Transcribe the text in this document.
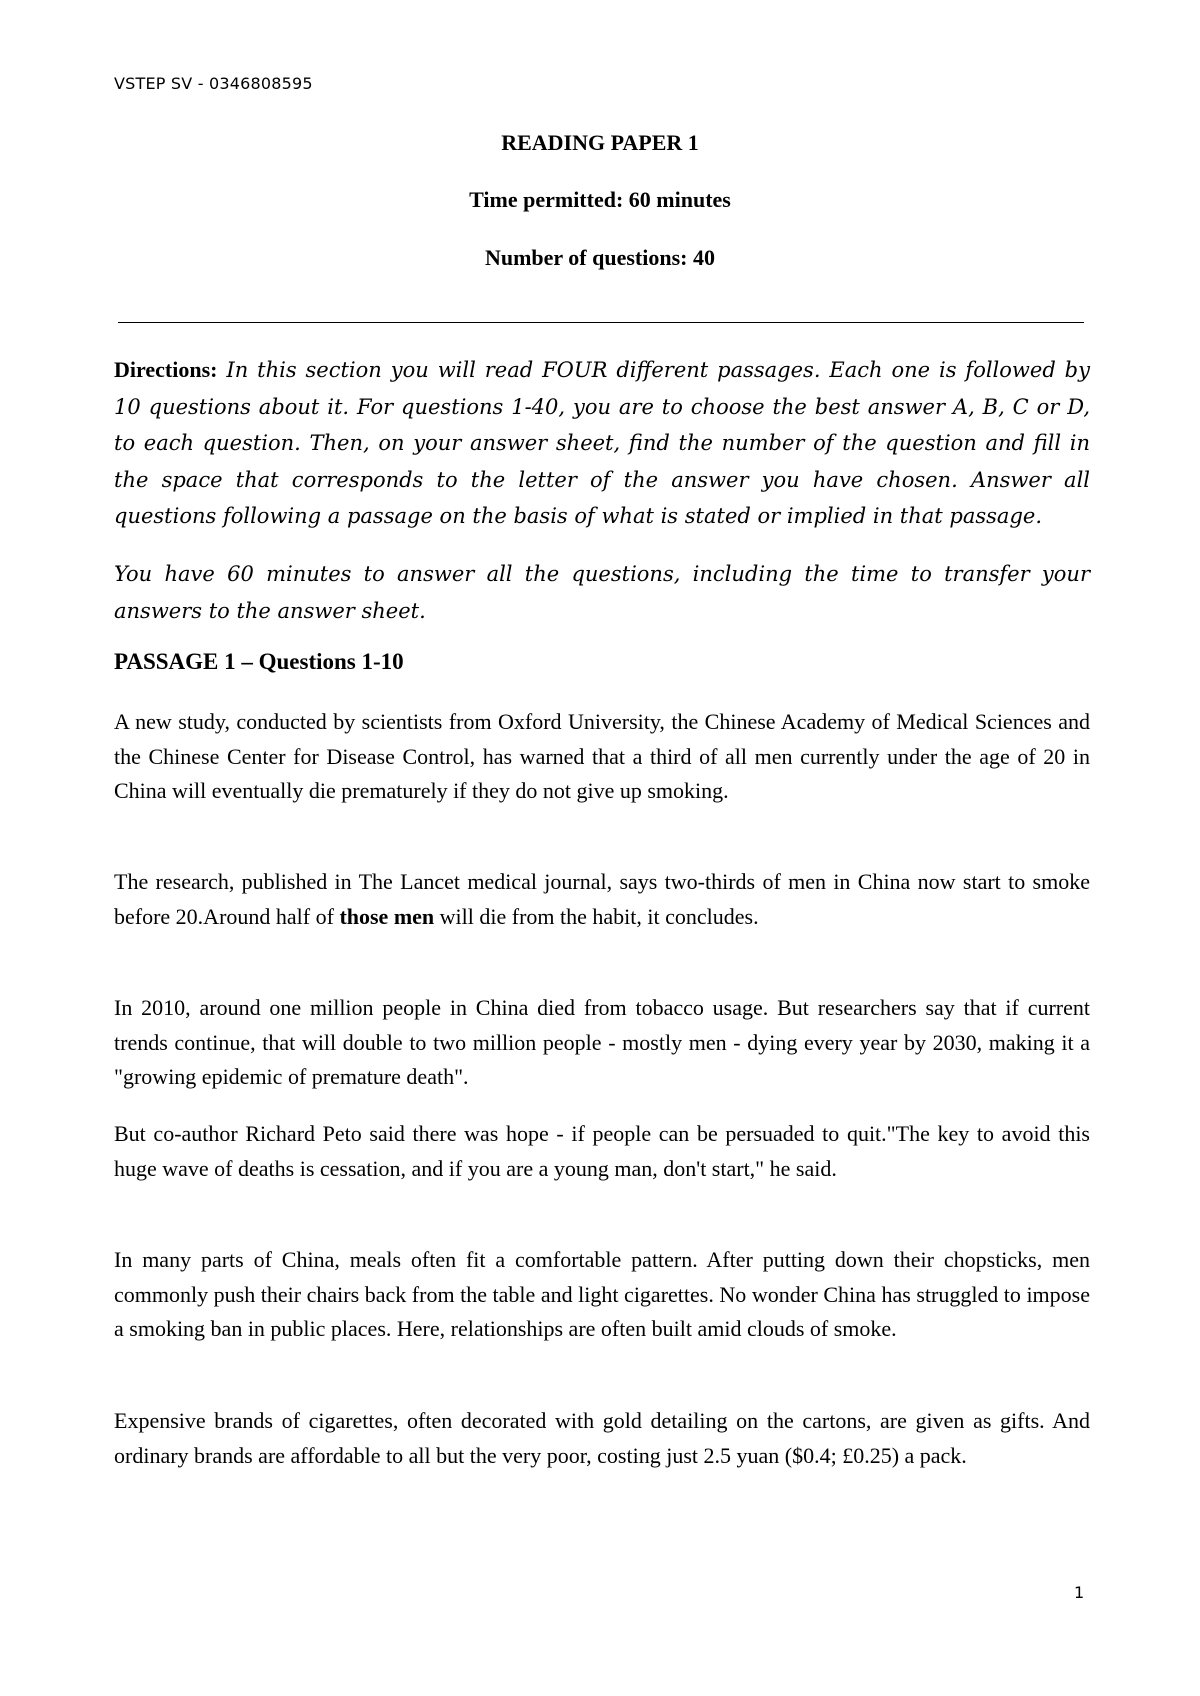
VSTEP SV - 0346808595
READING PAPER 1
Time permitted: 60 minutes
Number of questions: 40

Directions: In this section you will read FOUR different passages. Each one is followed by 10 questions about it. For questions 1-40, you are to choose the best answer A, B, C or D, to each question. Then, on your answer sheet, find the number of the question and fill in the space that corresponds to the letter of the answer you have chosen. Answer all questions following a passage on the basis of what is stated or implied in that passage.

You have 60 minutes to answer all the questions, including the time to transfer your answers to the answer sheet.

PASSAGE 1 – Questions 1-10

A new study, conducted by scientists from Oxford University, the Chinese Academy of Medical Sciences and the Chinese Center for Disease Control, has warned that a third of all men currently under the age of 20 in China will eventually die prematurely if they do not give up smoking.

The research, published in The Lancet medical journal, says two-thirds of men in China now start to smoke before 20.Around half of those men will die from the habit, it concludes.

In 2010, around one million people in China died from tobacco usage. But researchers say that if current trends continue, that will double to two million people - mostly men - dying every year by 2030, making it a "growing epidemic of premature death".

But co-author Richard Peto said there was hope - if people can be persuaded to quit."The key to avoid this huge wave of deaths is cessation, and if you are a young man, don't start," he said.

In many parts of China, meals often fit a comfortable pattern. After putting down their chopsticks, men commonly push their chairs back from the table and light cigarettes. No wonder China has struggled to impose a smoking ban in public places. Here, relationships are often built amid clouds of smoke.

Expensive brands of cigarettes, often decorated with gold detailing on the cartons, are given as gifts. And ordinary brands are affordable to all but the very poor, costing just 2.5 yuan ($0.4; £0.25) a pack.

1
